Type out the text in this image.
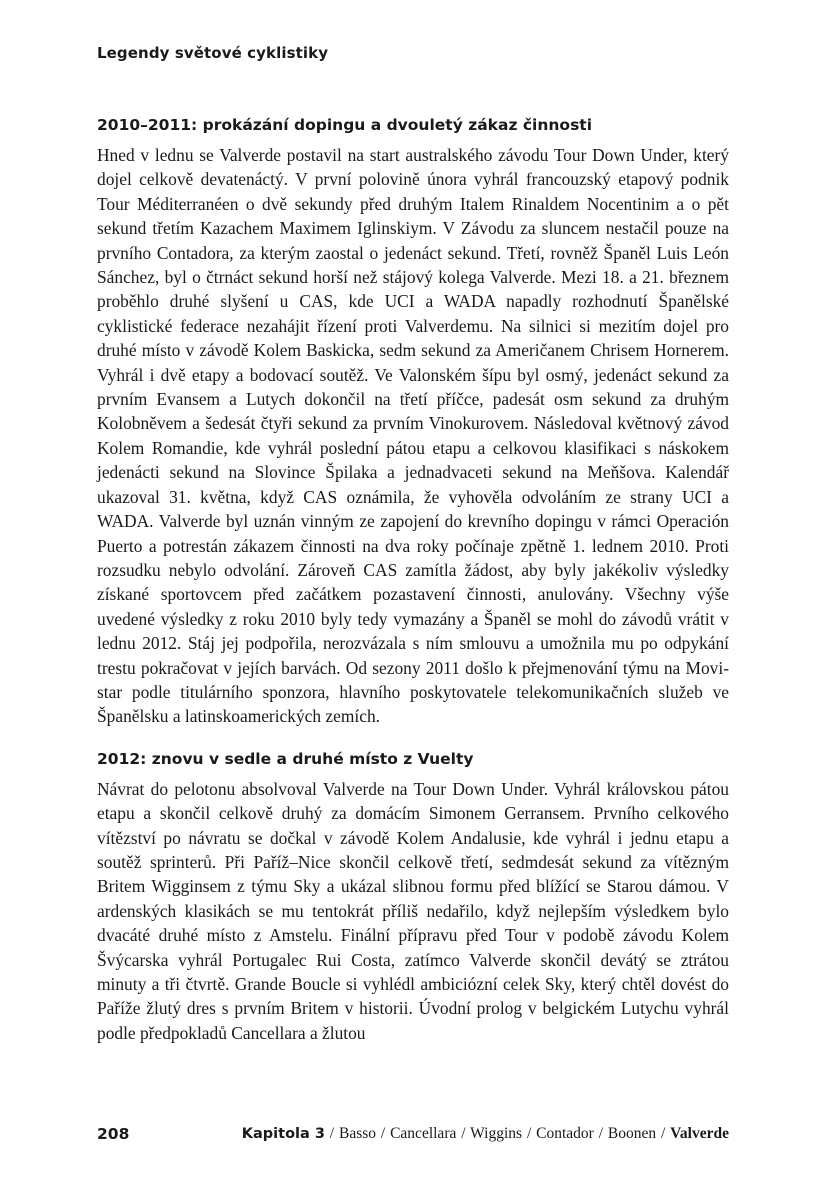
Legendy světové cyklistiky
2010–2011: prokázání dopingu a dvouletý zákaz činnosti

Hned v lednu se Valverde postavil na start australského závodu Tour Down Under, který dojel celkově devatenáctý. V první polovině února vyhrál francouzský etapový podnik Tour Méditerranéen o dvě sekundy před druhým Italem Rinaldem Nocentinim a o pět sekund třetím Kazachem Maximem Iglinskiym. V Závodu za sluncem nestačil pouze na prvního Contadora, za kterým zaostal o jedenáct sekund. Třetí, rovněž Španěl Luis León Sánchez, byl o čtrnáct sekund horší než stájový kolega Valverde. Mezi 18. a 21. březnem proběhlo druhé slyšení u CAS, kde UCI a WADA napadly rozhodnutí Španělské cyklistické federace nezahájit řízení proti Valverdemu. Na silnici si mezitím dojel pro druhé místo v závodě Kolem Baskicka, sedm sekund za Američanem Chrisem Hornerem. Vyhrál i dvě etapy a bodovací soutěž. Ve Valonském šípu byl osmý, jedenáct sekund za prvním Evansem a Lutych dokončil na třetí příčce, padesát osm sekund za druhým Kolobněvem a šedesát čtyři sekund za prvním Vinokurovem. Následoval květnový závod Kolem Romandie, kde vyhrál poslední pátou etapu a celkovou klasifikaci s náskokem jedenácti sekund na Slovince Špilaka a jednadvaceti sekund na Meňšova. Kalendář ukazoval 31. května, když CAS oznámila, že vyhověla odvoláním ze strany UCI a WADA. Valverde byl uznán vinným ze zapojení do krevního dopingu v rámci Operación Puerto a potrestán zákazem činnosti na dva roky počínaje zpětně 1. lednem 2010. Proti rozsudku nebylo odvolání. Zároveň CAS zamítla žádost, aby byly jakékoliv výsledky získané sportovcem před začátkem pozastavení činnosti, anulovány. Všechny výše uvedené výsledky z roku 2010 byly tedy vymazány a Španěl se mohl do závodů vrátit v lednu 2012. Stáj jej podpořila, nerozvázala s ním smlouvu a umožnila mu po odpykání trestu pokračovat v jejích barvách. Od sezony 2011 došlo k přejmenování týmu na Movistar podle titulárního sponzora, hlavního poskytovatele telekomunikačních služeb ve Španělsku a latinskoamerických zemích.

2012: znovu v sedle a druhé místo z Vuelty

Návrat do pelotonu absolvoval Valverde na Tour Down Under. Vyhrál královskou pátou etapu a skončil celkově druhý za domácím Simonem Gerransem. Prvního celkového vítězství po návratu se dočkal v závodě Kolem Andalusie, kde vyhrál i jednu etapu a soutěž sprinterů. Při Paříž–Nice skončil celkově třetí, sedmdesát sekund za vítězným Britem Wigginsem z týmu Sky a ukázal slibnou formu před blížící se Starou dámou. V ardenských klasikách se mu tentokrát příliš nedařilo, když nejlepším výsledkem bylo dvacáté druhé místo z Amstelu. Finální přípravu před Tour v podobě závodu Kolem Švýcarska vyhrál Portugalec Rui Costa, zatímco Valverde skončil devátý se ztrátou minuty a tři čtvrtě. Grande Boucle si vyhlédl ambiciózní celek Sky, který chtěl dovést do Paříže žlutý dres s prvním Britem v historii. Úvodní prolog v belgickém Lutychu vyhrál podle předpokladů Cancellara a žlutou

208	Kapitola 3 / Basso / Cancellara / Wiggins / Contador / Boonen / Valverde
